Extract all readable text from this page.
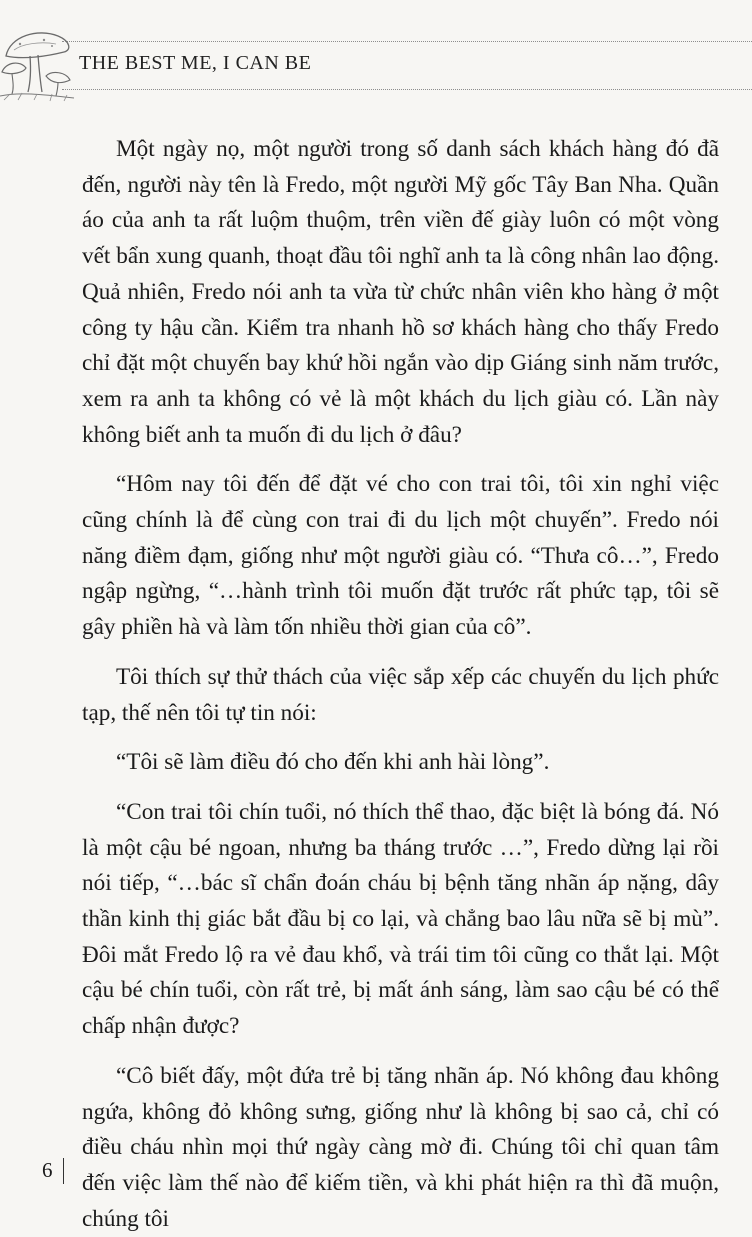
THE BEST ME, I CAN BE

Một ngày nọ, một người trong số danh sách khách hàng đó đã đến, người này tên là Fredo, một người Mỹ gốc Tây Ban Nha. Quần áo của anh ta rất luộm thuộm, trên viền đế giày luôn có một vòng vết bẩn xung quanh, thoạt đầu tôi nghĩ anh ta là công nhân lao động. Quả nhiên, Fredo nói anh ta vừa từ chức nhân viên kho hàng ở một công ty hậu cần. Kiểm tra nhanh hồ sơ khách hàng cho thấy Fredo chỉ đặt một chuyến bay khứ hồi ngắn vào dịp Giáng sinh năm trước, xem ra anh ta không có vẻ là một khách du lịch giàu có. Lần này không biết anh ta muốn đi du lịch ở đâu?

“Hôm nay tôi đến để đặt vé cho con trai tôi, tôi xin nghỉ việc cũng chính là để cùng con trai đi du lịch một chuyến”. Fredo nói năng điềm đạm, giống như một người giàu có. “Thưa cô…”, Fredo ngập ngừng, “…hành trình tôi muốn đặt trước rất phức tạp, tôi sẽ gây phiền hà và làm tốn nhiều thời gian của cô”.

Tôi thích sự thử thách của việc sắp xếp các chuyến du lịch phức tạp, thế nên tôi tự tin nói:

“Tôi sẽ làm điều đó cho đến khi anh hài lòng”.

“Con trai tôi chín tuổi, nó thích thể thao, đặc biệt là bóng đá. Nó là một cậu bé ngoan, nhưng ba tháng trước …”, Fredo dừng lại rồi nói tiếp, “…bác sĩ chẩn đoán cháu bị bệnh tăng nhãn áp nặng, dây thần kinh thị giác bắt đầu bị co lại, và chẳng bao lâu nữa sẽ bị mù”. Đôi mắt Fredo lộ ra vẻ đau khổ, và trái tim tôi cũng co thắt lại. Một cậu bé chín tuổi, còn rất trẻ, bị mất ánh sáng, làm sao cậu bé có thể chấp nhận được?

“Cô biết đấy, một đứa trẻ bị tăng nhãn áp. Nó không đau không ngứa, không đỏ không sưng, giống như là không bị sao cả, chỉ có điều cháu nhìn mọi thứ ngày càng mờ đi. Chúng tôi chỉ quan tâm đến việc làm thế nào để kiếm tiền, và khi phát hiện ra thì đã muộn, chúng tôi

6
